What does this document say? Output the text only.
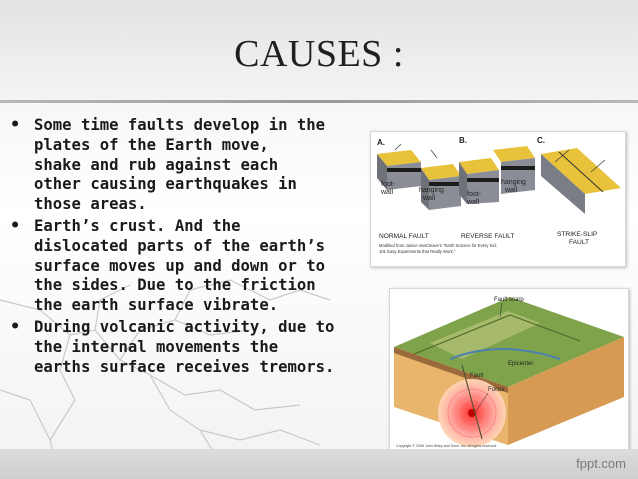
CAUSES :
• Some time faults develop in the
plates of the Earth move,
shake and rub against each
other causing earthquakes in
those areas.
• Earth’s crust. And the
dislocated parts of the earth’s
surface moves up and down or to
the sides. Due to the friction
the earth surface vibrate.
• During volcanic activity, due to
the internal movements the
earths surface receives tremors.
A.	B.	C.
foot-wall	hanging wall
foot-wall
hanging wall
NORMAL FAULT	REVERSE FAULT	STRIKE-SLIP FAULT
Modified from Janice VanCleave's "Earth Science for Every Kid: 101 Easy Experiments that Really Work."
Fault scarp
Epicenter
Fault
Focus
Copyright © 2006 John Wiley and Sons, Inc. All rights reserved.
fppt.com
